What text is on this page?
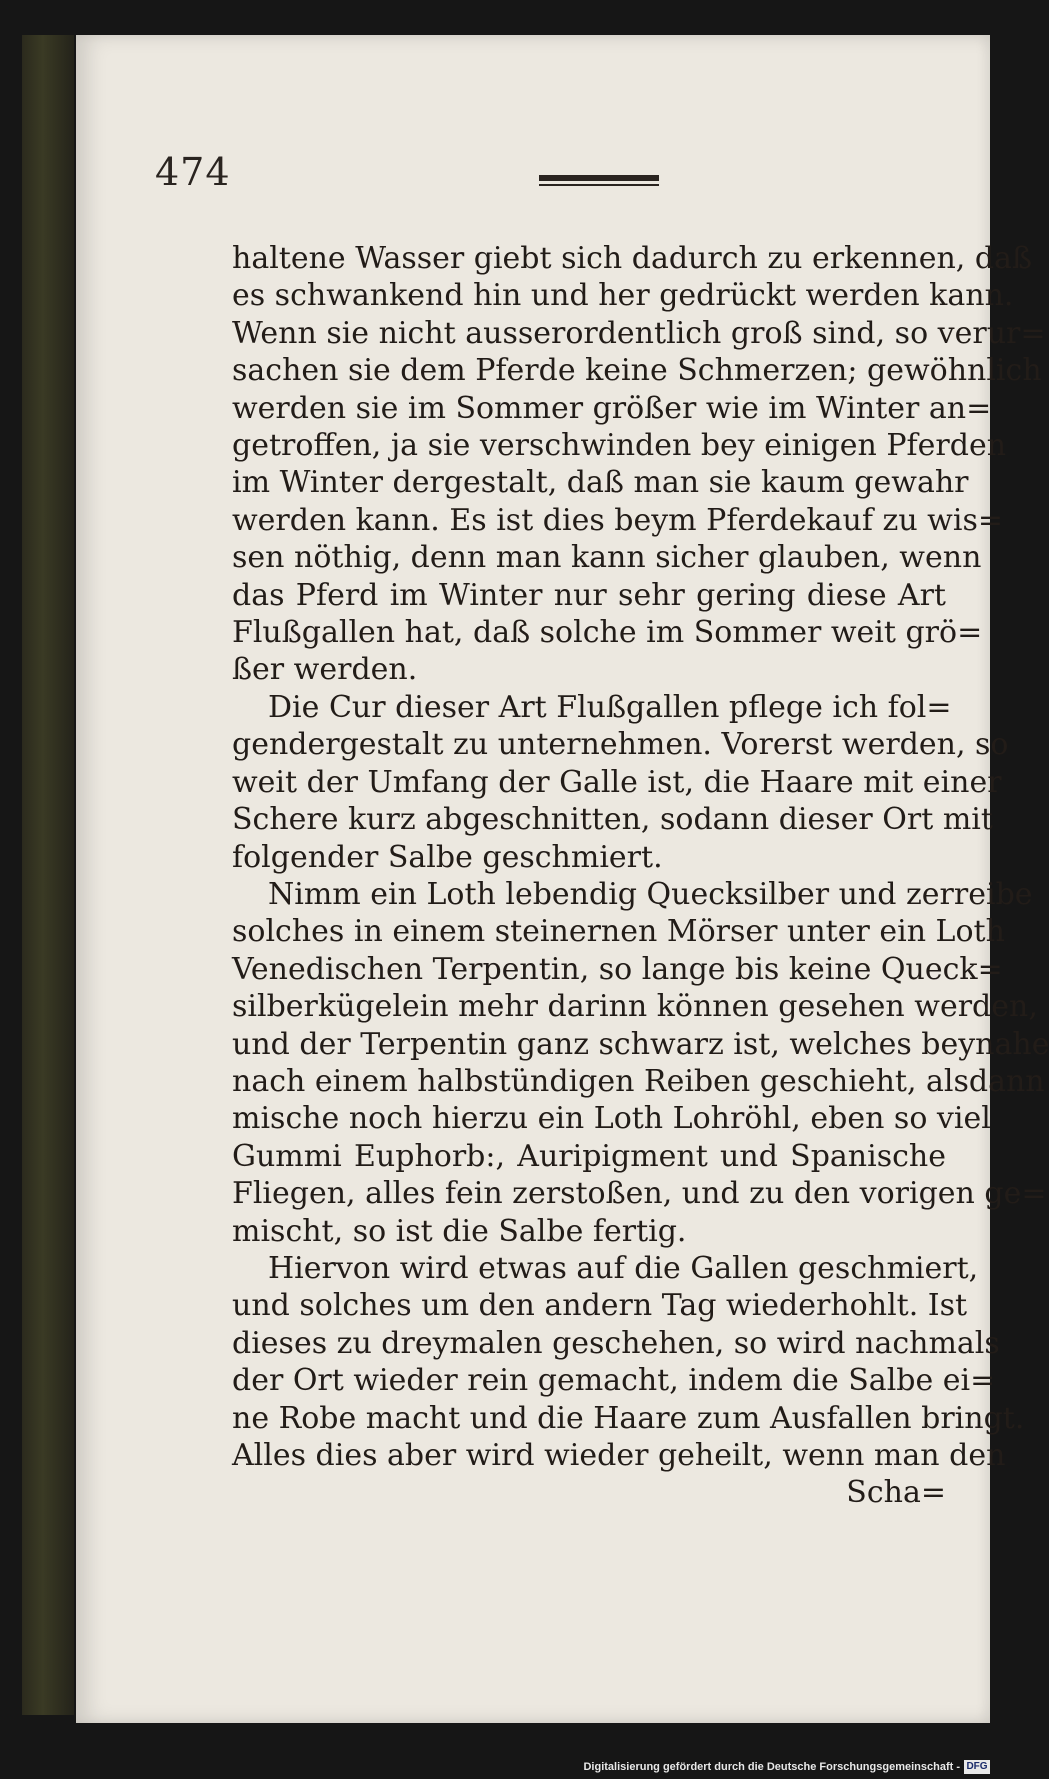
474
haltene Wasser giebt sich dadurch zu erkennen, daß
es schwankend hin und her gedrückt werden kann.
Wenn sie nicht ausserordentlich groß sind, so verur=
sachen sie dem Pferde keine Schmerzen; gewöhnlich
werden sie im Sommer größer wie im Winter an=
getroffen, ja sie verschwinden bey einigen Pferden
im Winter dergestalt, daß man sie kaum gewahr
werden kann. Es ist dies beym Pferdekauf zu wis=
sen nöthig, denn man kann sicher glauben, wenn
das Pferd im Winter nur sehr gering diese Art
Flußgallen hat, daß solche im Sommer weit grö=
ßer werden.
Die Cur dieser Art Flußgallen pflege ich fol=
gendergestalt zu unternehmen. Vorerst werden, so
weit der Umfang der Galle ist, die Haare mit einer
Schere kurz abgeschnitten, sodann dieser Ort mit
folgender Salbe geschmiert.
Nimm ein Loth lebendig Quecksilber und zerreibe
solches in einem steinernen Mörser unter ein Loth
Venedischen Terpentin, so lange bis keine Queck=
silberkügelein mehr darinn können gesehen werden,
und der Terpentin ganz schwarz ist, welches beynahe
nach einem halbstündigen Reiben geschieht, alsdann
mische noch hierzu ein Loth Lohröhl, eben so viel
Gummi Euphorb:, Auripigment und Spanische
Fliegen, alles fein zerstoßen, und zu den vorigen ge=
mischt, so ist die Salbe fertig.
Hiervon wird etwas auf die Gallen geschmiert,
und solches um den andern Tag wiederhohlt. Ist
dieses zu dreymalen geschehen, so wird nachmals
der Ort wieder rein gemacht, indem die Salbe ei=
ne Robe macht und die Haare zum Ausfallen bringt.
Alles dies aber wird wieder geheilt, wenn man den
Scha=
Digitalisierung gefördert durch die Deutsche Forschungsgemeinschaft - DFG
